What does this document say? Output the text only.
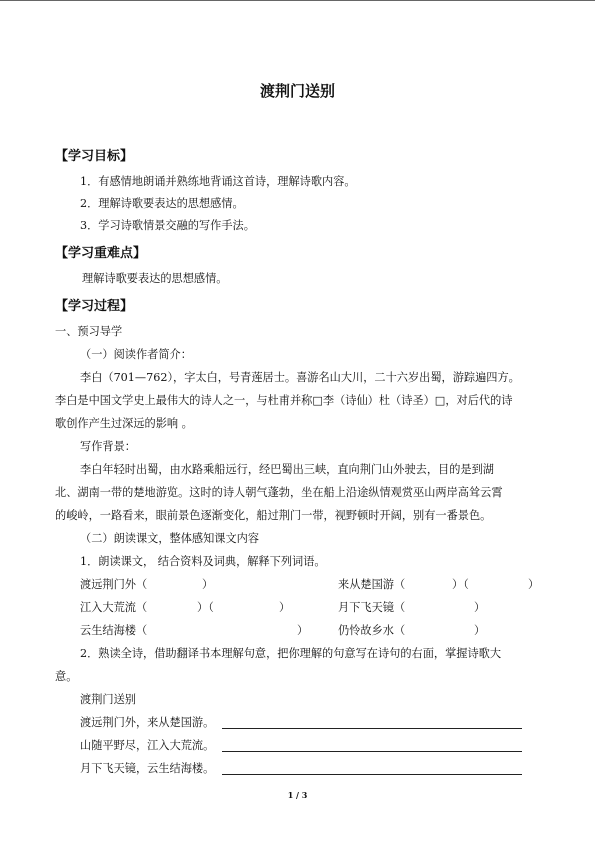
渡荆门送别
【学习目标】
1．有感情地朗诵并熟练地背诵这首诗，理解诗歌内容。
2．理解诗歌要表达的思想感情。
3．学习诗歌情景交融的写作手法。
【学习重难点】
理解诗歌要表达的思想感情。
【学习过程】
一、预习导学
（一）阅读作者简介：
李白（701—762），字太白，号青莲居士。喜游名山大川，二十六岁出蜀，游踪遍四方。
李白是中国文学史上最伟大的诗人之一，与杜甫并称□李（诗仙）杜（诗圣）□，对后代的诗
歌创作产生过深远的影响 。
写作背景：
李白年轻时出蜀，由水路乘船远行，经巴蜀出三峡，直向荆门山外驶去，目的是到湖
北、湖南一带的楚地游览。这时的诗人朝气蓬勃，坐在船上沿途纵情观赏巫山两岸高耸云霄
的峻岭，一路看来，眼前景色逐渐变化，船过荆门一带，视野顿时开阔，别有一番景色。
（二）朗读课文，整体感知课文内容
1．朗读课文， 结合资料及词典，解释下列词语。
渡远荆门外（	）	来从楚国游（	）（	）
江入大荒流（	）（	）	月下飞天镜（	）
云生结海楼（	）	仍怜故乡水（	）
2．熟读全诗，借助翻译书本理解句意，把你理解的句意写在诗句的右面，掌握诗歌大
意。
渡荆门送别
渡远荆门外，来从楚国游。
山随平野尽，江入大荒流。
月下飞天镜，云生结海楼。
1 / 3
